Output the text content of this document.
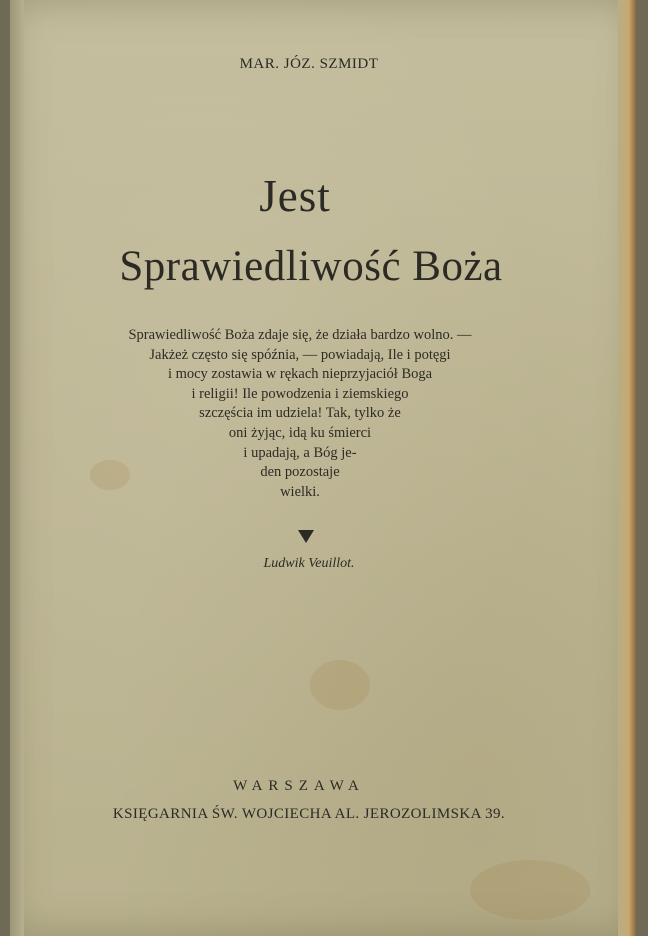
MAR. JÓZ. SZMIDT
Jest
Sprawiedliwość Boża
Sprawiedliwość Boża zdaje się, że działa bardzo wolno. —
Jakżeż często się spóźnia, — powiadają, Ile i potęgi
i mocy zostawia w rękach nieprzyjaciół Boga
i religii! Ile powodzenia i ziemskiego
szczęścia im udziela! Tak, tylko że
oni żyjąc, idą ku śmierci
i upadają, a Bóg je-
den pozostaje
wielki.
Ludwik Veuillot.
WARSZAWA
KSIĘGARNIA ŚW. WOJCIECHA AL. JEROZOLIMSKA 39.
